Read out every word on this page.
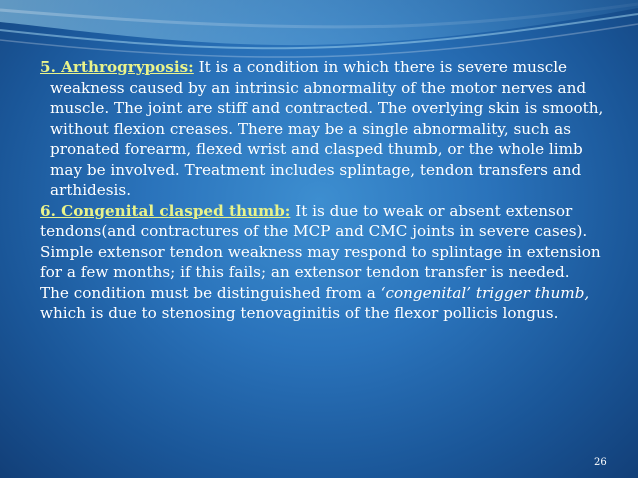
5. Arthrogryposis: It is a condition in which there is severe muscle weakness caused by an intrinsic abnormality of the motor nerves and muscle. The joint are stiff and contracted. The overlying skin is smooth, without flexion creases. There may be a single abnormality, such as pronated forearm, flexed wrist and clasped thumb, or the whole limb may be involved. Treatment includes splintage, tendon transfers and arthidesis.

6. Congenital clasped thumb: It is due to weak or absent extensor tendons(and contractures of the MCP and CMC joints in severe cases). Simple extensor tendon weakness may respond to splintage in extension for a few months; if this fails; an extensor tendon transfer is needed.

The condition must be distinguished from a ‘congenital’ trigger thumb, which is due to stenosing tenovaginitis of the flexor pollicis longus.

26
